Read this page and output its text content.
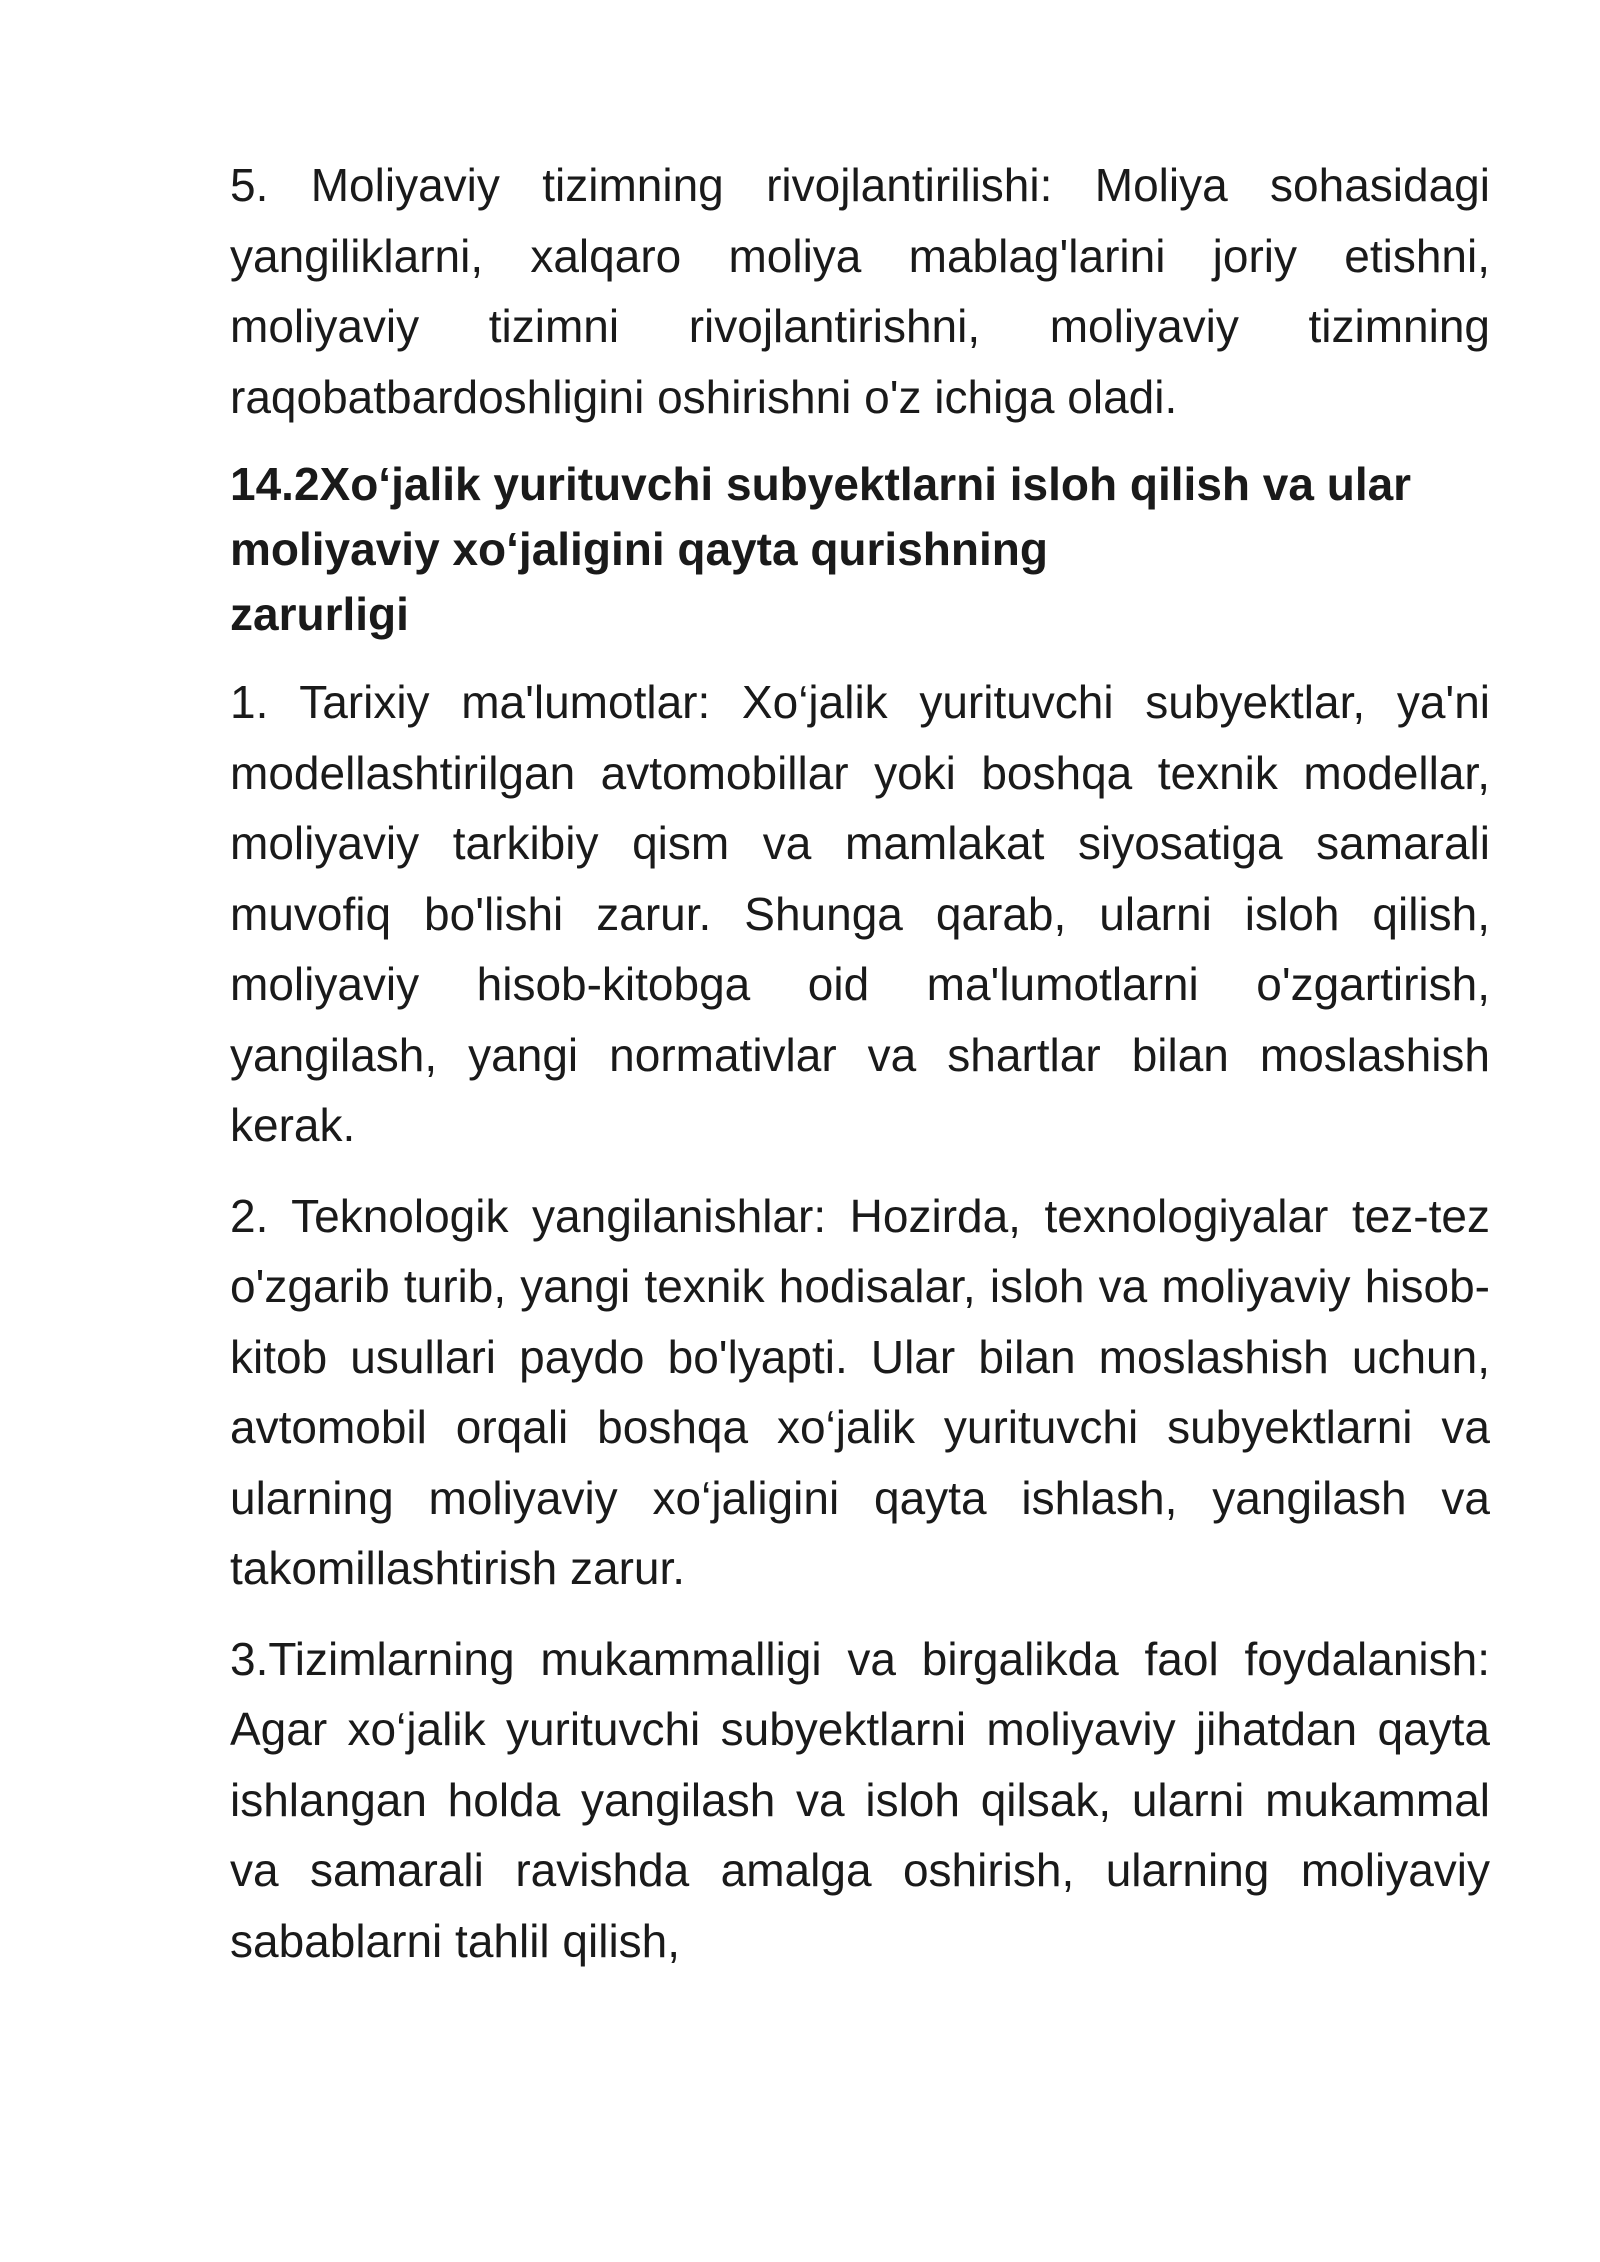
5. Moliyaviy tizimning rivojlantirilishi: Moliya sohasidagi yangiliklarni, xalqaro moliya mablag'larini joriy etishni, moliyaviy tizimni rivojlantirishni, moliyaviy tizimning raqobatbardoshligini oshirishni o'z ichiga oladi.

14.2Xo‘jalik yurituvchi subyektlarni isloh qilish va ular
moliyaviy xo‘jaligini qayta qurishning
zarurligi

1. Tarixiy ma'lumotlar: Xo‘jalik yurituvchi subyektlar, ya'ni modellashtirilgan avtomobillar yoki boshqa texnik modellar, moliyaviy tarkibiy qism va mamlakat siyosatiga samarali muvofiq bo'lishi zarur. Shunga qarab, ularni isloh qilish, moliyaviy hisob-kitobga oid ma'lumotlarni o'zgartirish, yangilash, yangi normativlar va shartlar bilan moslashish kerak.

2. Teknologik yangilanishlar: Hozirda, texnologiyalar tez-tez o'zgarib turib, yangi texnik hodisalar, isloh va moliyaviy hisob-kitob usullari paydo bo'lyapti. Ular bilan moslashish uchun, avtomobil orqali boshqa xo‘jalik yurituvchi subyektlarni va ularning moliyaviy xo‘jaligini qayta ishlash, yangilash va takomillashtirish zarur.

3.Tizimlarning mukammalligi va birgalikda faol foydalanish: Agar xo‘jalik yurituvchi subyektlarni moliyaviy jihatdan qayta ishlangan holda yangilash va isloh qilsak, ularni mukammal va samarali ravishda amalga oshirish, ularning moliyaviy sabablarni tahlil qilish,
